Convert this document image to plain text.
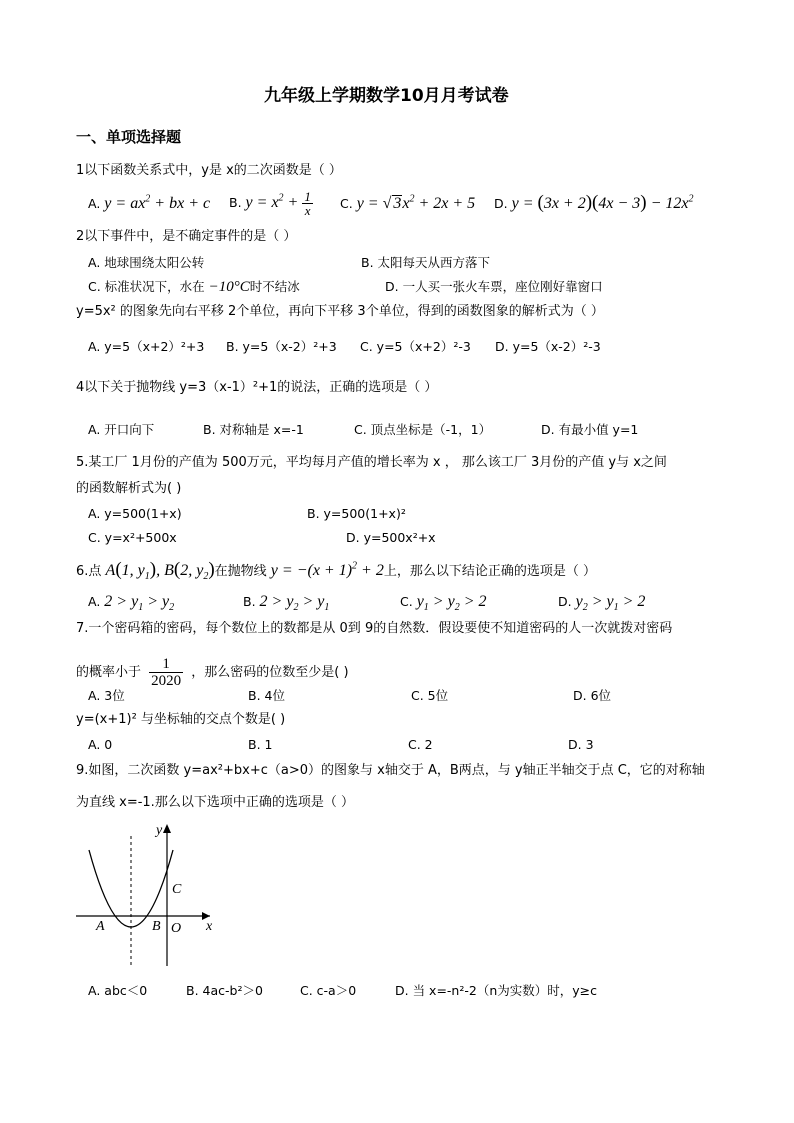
九年级上学期数学10月月考试卷
一、单项选择题
1以下函数关系式中，y是 x的二次函数是（ ）
A. $y = ax^2$ + bx + c B. $y = x^2 + \frac{1}{x} C$. y = √ $3x^2 + 2x + 5$ D. $y = (3x + 2)(4x - 3) - 12x^2$
2以下事件中，是不确定事件的是（ ）
A. 地球围绕太阳公转	B. 太阳每天从西方落下
C. 标准状况下，水在 −10°C时不结冰	D. 一人买一张火车票，座位刚好靠窗口
y=5x² 的图象先向右平移 2个单位，再向下平移 3个单位，得到的函数图象的解析式为（ ）
A. y=5（x+2）²+3 B. y=5（x-2）²+3 C. y=5（x+2）²-3 D. y=5（x-2）²-3
4以下关于抛物线 y=3（x-1）²+1的说法，正确的选项是（ ）
A. 开口向下	B. 对称轴是 x=-1	C. 顶点坐标是（-1，1）	D. 有最小值 y=1
5.某工厂 1月份的产值为 500万元，平均每月产值的增长率为 x ， 那么该工厂 3月份的产值 y与 x之间
的函数解析式为( )
A. y=500(1+x)	B. y=500(1+x)²
C. y=x²+500x	D. y=500x²+x
6.点 A(1, $y_1$), B(2, $y_2$)在抛物线 $y = -(x + 1)^2 + 2$上，那么以下结论正确的选项是（ ）
A. $2 > y_1 > y_2$	B. $2 > y_2 > y_1$	C. $y_1 > y_2 > 2$	D. $y_2 > y_1 > 2$
7.一个密码箱的密码，每个数位上的数都是从 0到 9的自然数．假设要使不知道密码的人一次就拨对密码
的概率小于 $\frac{1}{2020}$ ，那么密码的位数至少是( )
A. 3位	B. 4位	C. 5位	D. 6位
y=(x+1)² 与坐标轴的交点个数是( )
A. 0	B. 1	C. 2	D. 3
9.如图，二次函数 y=ax²+bx+c（a>0）的图象与 x轴交于 A，B两点，与 y轴正半轴交于点 C，它的对称轴
为直线 x=-1.那么以下选项中正确的选项是（ ）
y
x
C
A	B O
A. abc＜0	B. 4ac-b²＞0	C. c-a＞0	D. 当 x=-n²-2（n为实数）时，y≥c
